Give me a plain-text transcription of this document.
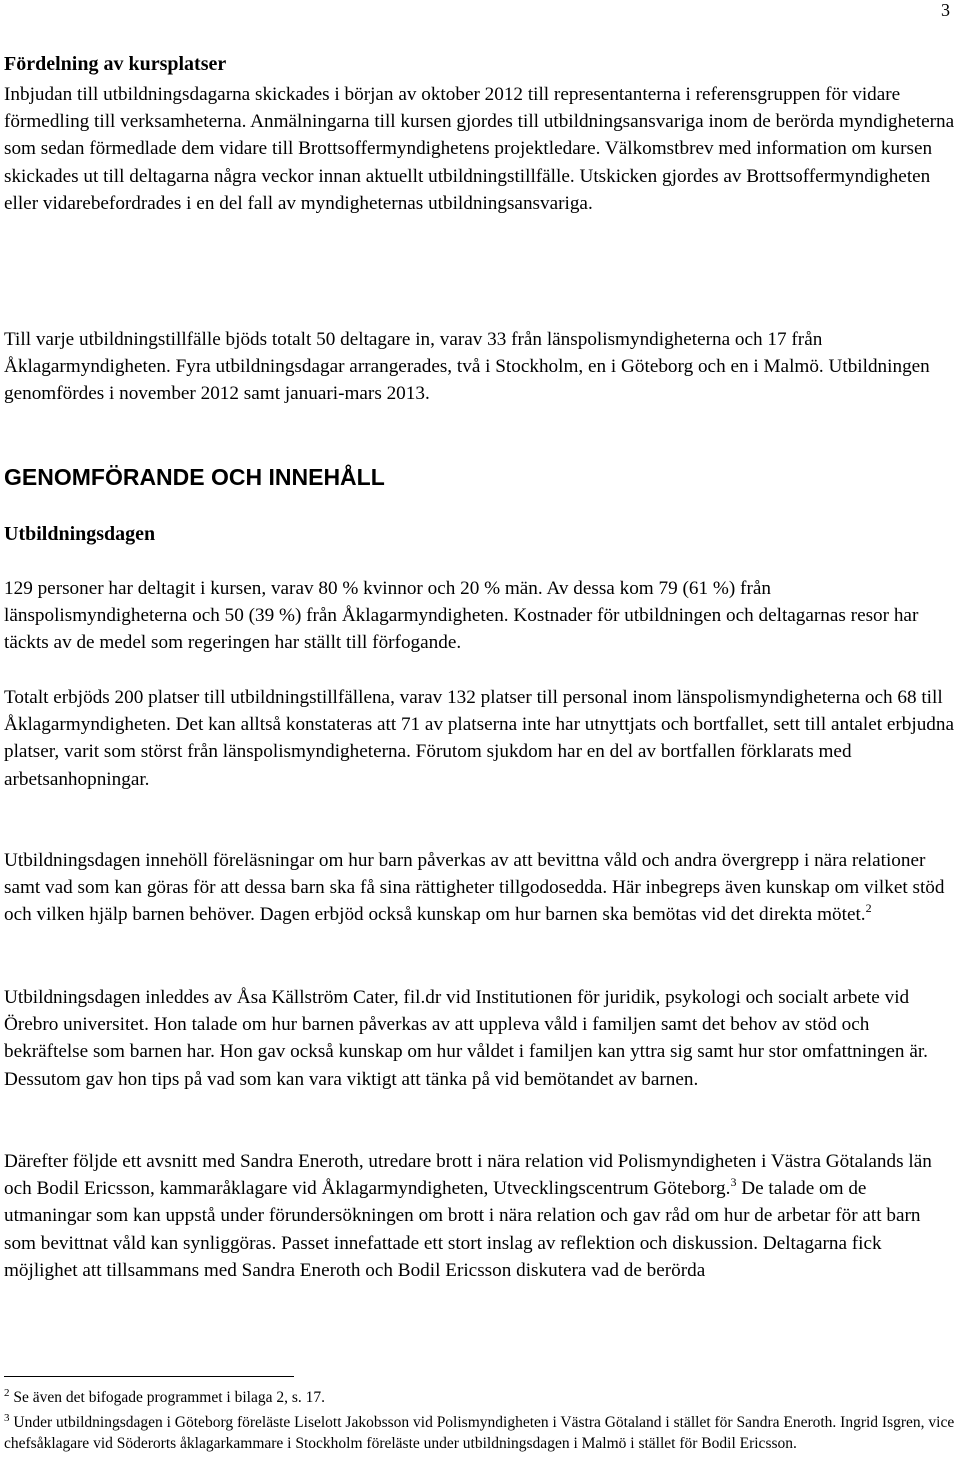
3
Fördelning av kursplatser

Inbjudan till utbildningsdagarna skickades i början av oktober 2012 till representanterna i referensgruppen för vidare förmedling till verksamheterna. Anmälningarna till kursen gjordes till utbildningsansvariga inom de berörda myndigheterna som sedan förmedlade dem vidare till Brottsoffermyndighetens projektledare. Välkomstbrev med information om kursen skickades ut till deltagarna några veckor innan aktuellt utbildningstillfälle. Utskicken gjordes av Brottsoffermyndigheten eller vidarebefordrades i en del fall av myndigheternas utbildningsansvariga.

Till varje utbildningstillfälle bjöds totalt 50 deltagare in, varav 33 från länspolismyndigheterna och 17 från Åklagarmyndigheten. Fyra utbildningsdagar arrangerades, två i Stockholm, en i Göteborg och en i Malmö. Utbildningen genomfördes i november 2012 samt januari-mars 2013.

GENOMFÖRANDE OCH INNEHÅLL
Utbildningsdagen

129 personer har deltagit i kursen, varav 80 % kvinnor och 20 % män. Av dessa kom 79 (61 %) från länspolismyndigheterna och 50 (39 %) från Åklagarmyndigheten. Kostnader för utbildningen och deltagarnas resor har täckts av de medel som regeringen har ställt till förfogande.

Totalt erbjöds 200 platser till utbildningstillfällena, varav 132 platser till personal inom länspolismyndigheterna och 68 till Åklagarmyndigheten. Det kan alltså konstateras att 71 av platserna inte har utnyttjats och bortfallet, sett till antalet erbjudna platser, varit som störst från länspolismyndigheterna. Förutom sjukdom har en del av bortfallen förklarats med arbetsanhopningar.

Utbildningsdagen innehöll föreläsningar om hur barn påverkas av att bevittna våld och andra övergrepp i nära relationer samt vad som kan göras för att dessa barn ska få sina rättigheter tillgodosedda. Här inbegreps även kunskap om vilket stöd och vilken hjälp barnen behöver. Dagen erbjöd också kunskap om hur barnen ska bemötas vid det direkta mötet.$^2$

Utbildningsdagen inleddes av Åsa Källström Cater, fil.dr vid Institutionen för juridik, psykologi och socialt arbete vid Örebro universitet. Hon talade om hur barnen påverkas av att uppleva våld i familjen samt det behov av stöd och bekräftelse som barnen har. Hon gav också kunskap om hur våldet i familjen kan yttra sig samt hur stor omfattningen är. Dessutom gav hon tips på vad som kan vara viktigt att tänka på vid bemötandet av barnen.

Därefter följde ett avsnitt med Sandra Eneroth, utredare brott i nära relation vid Polismyndigheten i Västra Götalands län och Bodil Ericsson, kammaråklagare vid Åklagarmyndigheten, Utvecklingscentrum Göteborg.$^3$ De talade om de utmaningar som kan uppstå under förundersökningen om brott i nära relation och gav råd om hur de arbetar för att barn som bevittnat våld kan synliggöras. Passet innefattade ett stort inslag av reflektion och diskussion. Deltagarna fick möjlighet att tillsammans med Sandra Eneroth och Bodil Ericsson diskutera vad de berörda

$^2$ Se även det bifogade programmet i bilaga 2, s. 17.

$^3$ Under utbildningsdagen i Göteborg föreläste Liselott Jakobsson vid Polismyndigheten i Västra Götaland i stället för Sandra Eneroth. Ingrid Isgren, vice chefsåklagare vid Söderorts åklagarkammare i Stockholm föreläste under utbildningsdagen i Malmö i stället för Bodil Ericsson.
